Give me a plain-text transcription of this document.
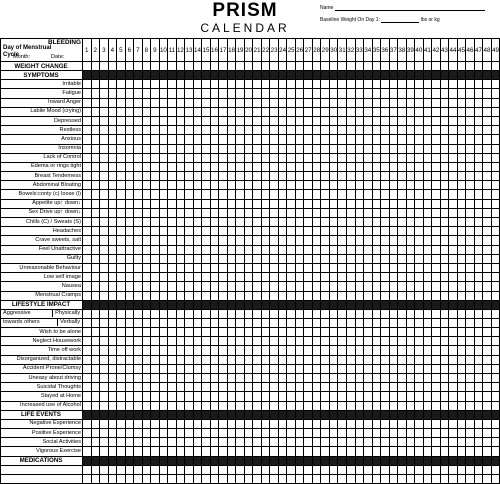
PRISM
CALENDAR
Name
Baseline Weight On Day 1:	lbs or kg
BLEEDING
Day of Menstrual Cycle
Month: Date:	1	2	3	4	5	6	7	8	9	10	11	12	13	14	15	16	17	18	19	20	21	22	23	24	25	26	27	28	29	30	31	32	33	34	35	36	37	38	39	40	41	42	43	44	45	46	47	48	49
WEIGHT CHANGE																																																	
SYMPTOMS																																																	
Irritable																																																	
Fatigue																																																	
Inward Anger																																																	
Labile Mood (crying)																																																	
Depressed																																																	
Restless																																																	
Anxious																																																	
Insomnia																																																	
Lack of Control																																																	
Edema or rings tight																																																	
Breast Tenderness																																																	
Abdominal Bloating																																																	
Bowels:conty (c) loose (l)																																																	
Appetite up↑ down↓																																																	
Sex Drive up↑ down↓																																																	
Chills (C) / Sweats (S)																																																	
Headaches																																																	
Crave sweets, salt																																																	
Feel Unattractive																																																	
Guilty																																																	
Unreasonable Behaviour																																																	
Low self image																																																	
Nausea																																																	
Menstrual Cramps																																																	
LIFESTYLE IMPACT																																																	

Aggressive Physically																																																	

towards others Verbally																																																	

Wish to be alone																																																	
Neglect Housework																																																	
Time off work																																																	
Disorganized, distractable																																																	
Accident Prone/Clumsy																																																	
Uneasy about driving																																																	
Suicidal Thoughts																																																	
Stayed at Home																																																	
Increased use of Alcohol																																																	
LIFE EVENTS																																																	
Negative Experience																																																	
Positive Experience																																																	
Social Activities																																																	
Vigorous Exercise																																																	
MEDICATIONS																																																	
